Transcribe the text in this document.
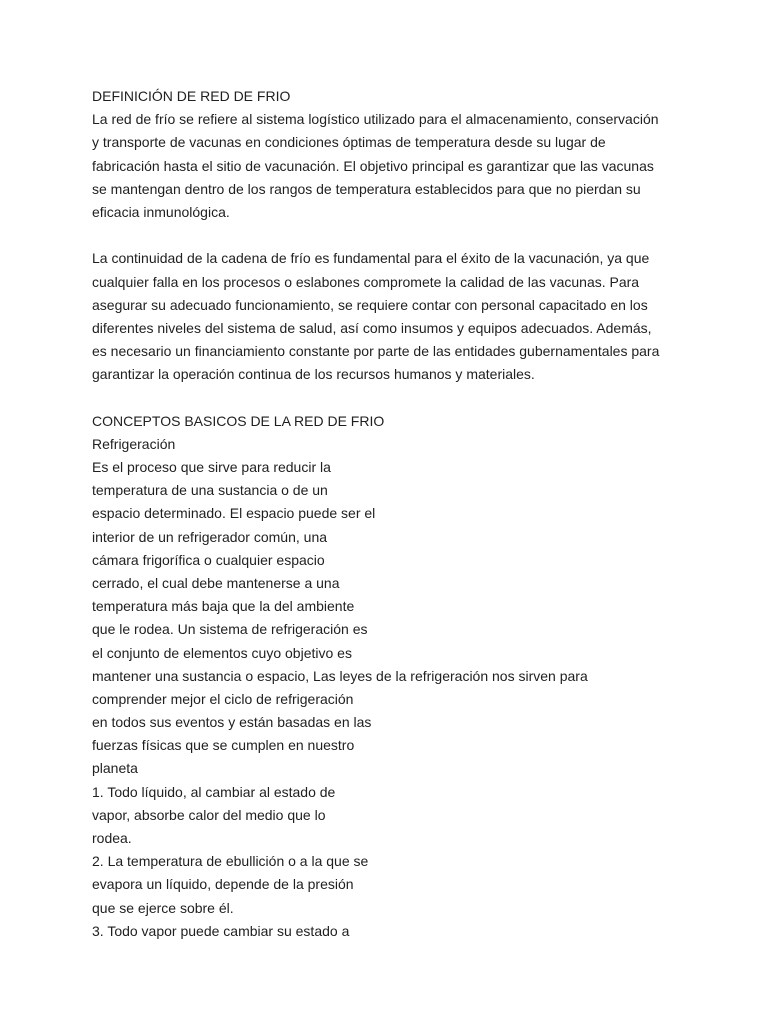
DEFINICIÓN DE RED DE FRIO
La red de frío se refiere al sistema logístico utilizado para el almacenamiento, conservación
y transporte de vacunas en condiciones óptimas de temperatura desde su lugar de
fabricación hasta el sitio de vacunación. El objetivo principal es garantizar que las vacunas
se mantengan dentro de los rangos de temperatura establecidos para que no pierdan su
eficacia inmunológica.
La continuidad de la cadena de frío es fundamental para el éxito de la vacunación, ya que
cualquier falla en los procesos o eslabones compromete la calidad de las vacunas. Para
asegurar su adecuado funcionamiento, se requiere contar con personal capacitado en los
diferentes niveles del sistema de salud, así como insumos y equipos adecuados. Además,
es necesario un financiamiento constante por parte de las entidades gubernamentales para
garantizar la operación continua de los recursos humanos y materiales.
CONCEPTOS BASICOS DE LA RED DE FRIO
Refrigeración
Es el proceso que sirve para reducir la
temperatura de una sustancia o de un
espacio determinado. El espacio puede ser el
interior de un refrigerador común, una
cámara frigorífica o cualquier espacio
cerrado, el cual debe mantenerse a una
temperatura más baja que la del ambiente
que le rodea. Un sistema de refrigeración es
el conjunto de elementos cuyo objetivo es
mantener una sustancia o espacio, Las leyes de la refrigeración nos sirven para
comprender mejor el ciclo de refrigeración
en todos sus eventos y están basadas en las
fuerzas físicas que se cumplen en nuestro
planeta
1. Todo líquido, al cambiar al estado de
vapor, absorbe calor del medio que lo
rodea.
2. La temperatura de ebullición o a la que se
evapora un líquido, depende de la presión
que se ejerce sobre él.
3. Todo vapor puede cambiar su estado a
